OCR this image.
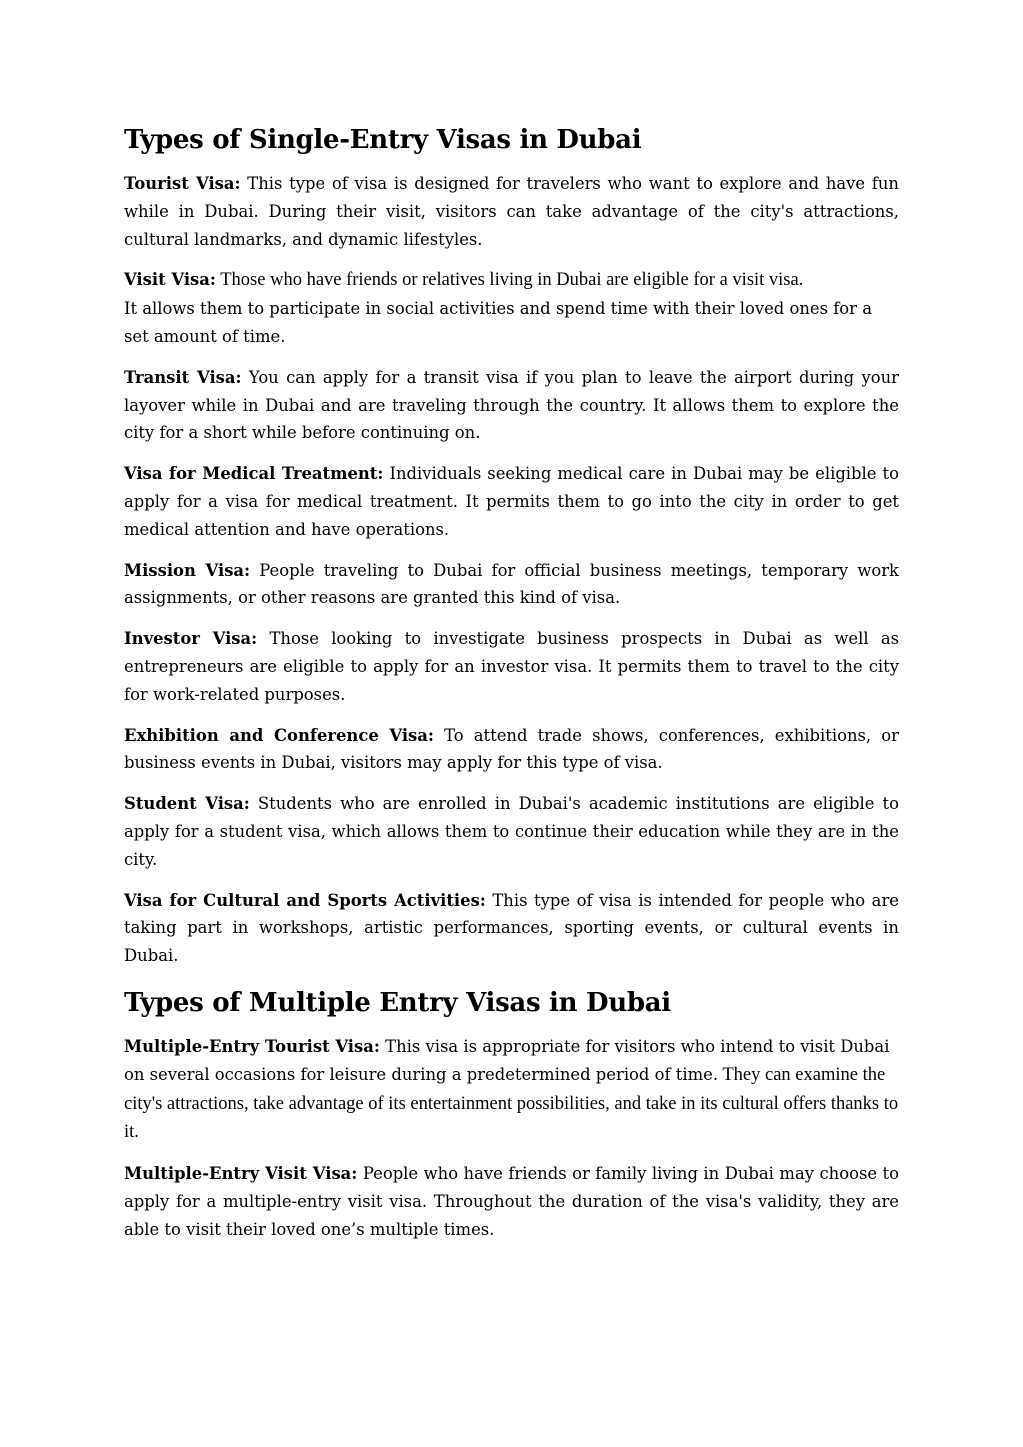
Types of Single-Entry Visas in Dubai

Tourist Visa: This type of visa is designed for travelers who want to explore and have fun while in Dubai. During their visit, visitors can take advantage of the city's attractions, cultural landmarks, and dynamic lifestyles.

Visit Visa: Those who have friends or relatives living in Dubai are eligible for a visit visa.
It allows them to participate in social activities and spend time with their loved ones for a set amount of time.

Transit Visa: You can apply for a transit visa if you plan to leave the airport during your layover while in Dubai and are traveling through the country. It allows them to explore the city for a short while before continuing on.

Visa for Medical Treatment: Individuals seeking medical care in Dubai may be eligible to apply for a visa for medical treatment. It permits them to go into the city in order to get medical attention and have operations.

Mission Visa: People traveling to Dubai for official business meetings, temporary work assignments, or other reasons are granted this kind of visa.

Investor Visa: Those looking to investigate business prospects in Dubai as well as entrepreneurs are eligible to apply for an investor visa. It permits them to travel to the city for work-related purposes.

Exhibition and Conference Visa: To attend trade shows, conferences, exhibitions, or business events in Dubai, visitors may apply for this type of visa.

Student Visa: Students who are enrolled in Dubai's academic institutions are eligible to apply for a student visa, which allows them to continue their education while they are in the city.

Visa for Cultural and Sports Activities: This type of visa is intended for people who are taking part in workshops, artistic performances, sporting events, or cultural events in Dubai.

Types of Multiple Entry Visas in Dubai

Multiple-Entry Tourist Visa: This visa is appropriate for visitors who intend to visit Dubai on several occasions for leisure during a predetermined period of time. They can examine the city's attractions, take advantage of its entertainment possibilities, and take in its cultural offers thanks to it.

Multiple-Entry Visit Visa: People who have friends or family living in Dubai may choose to apply for a multiple-entry visit visa. Throughout the duration of the visa's validity, they are able to visit their loved one’s multiple times.
